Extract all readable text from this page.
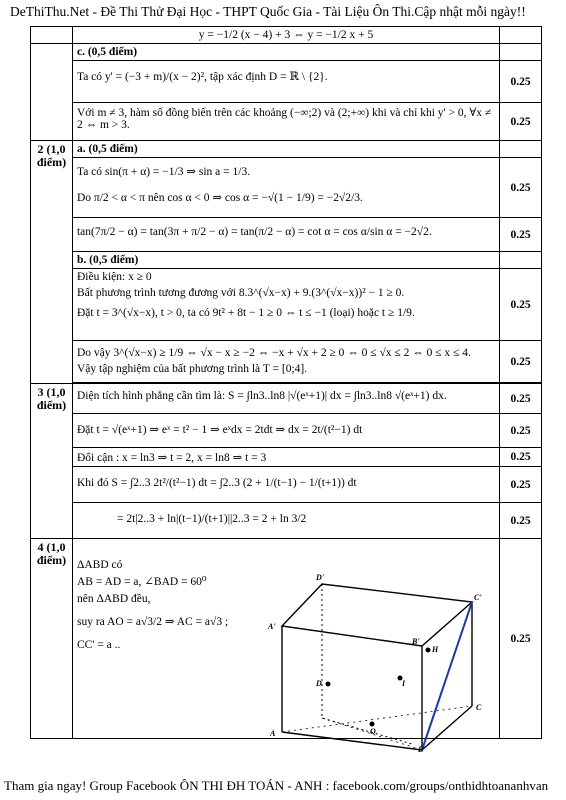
DeThiThu.Net - Đề Thi Thử Đại Học - THPT Quốc Gia - Tài Liệu Ôn Thi.Cập nhật mỗi ngày!!

	y = −1/2 (x − 4) + 3 ⇔ y = −1/2 x + 5	

	c. (0,5 điểm)	

	Ta có y' = (−3 + m)/(x − 2)², tập xác định D = ℝ \ {2}.	0.25

	Với m ≠ 3, hàm số đồng biến trên các khoảng (−∞;2) và (2;+∞) khi và chỉ khi y' > 0, ∀x ≠ 2 ⇔ m > 3.	0.25
2 (1,0 điểm)	a. (0,5 điểm)	

	Ta có sin(π + α) = −1/3 ⇒ sin a = 1/3.
Do π/2 < α < π nên cos α < 0 ⇒ cos α = −√(1 − 1/9) = −2√2/3.	0.25

	tan(7π/2 − α) = tan(3π + π/2 − α) = tan(π/2 − α) = cot α = cos α/sin α = −2√2.	0.25

	b. (0,5 điểm)	

	Điều kiện: x ≥ 0
Bất phương trình tương đương với 8.3^(√x−x) + 9.(3^(√x−x))² − 1 ≥ 0.
Đặt t = 3^(√x−x), t > 0, ta có 9t² + 8t − 1 ≥ 0 ⇔ t ≤ −1 (loại) hoặc t ≥ 1/9.	0.25

	Do vậy 3^(√x−x) ≥ 1/9 ⇔ √x − x ≥ −2 ⇔ −x + √x + 2 ≥ 0 ⇔ 0 ≤ √x ≤ 2 ⇔ 0 ≤ x ≤ 4.
Vậy tập nghiệm của bất phương trình là T = [0;4].	0.25

3 (1,0 điểm)	Diện tích hình phẳng cần tìm là: S = ∫ln3..ln8 |√(eˣ+1)| dx = ∫ln3..ln8 √(eˣ+1) dx.	0.25

	Đặt t = √(eˣ+1) ⇒ eˣ = t² − 1 ⇒ eˣdx = 2tdt ⇒ dx = 2t/(t²−1) dt	0.25

	Đổi cận : x = ln3 ⇒ t = 2, x = ln8 ⇒ t = 3	0.25

	Khi đó S = ∫2..3 2t²/(t²−1) dt = ∫2..3 (2 + 1/(t−1) − 1/(t+1)) dt	0.25

	= 2t|2..3 + ln|(t−1)/(t+1)||2..3 = 2 + ln 3/2	0.25
4 (1,0 điểm)	ΔABD có
AB = AD = a, ∠BAD = 60⁰
nên ΔABD đều,
suy ra AO = a√3/2 ⇒ AC = a√3 ;
CC' = a ..	0.25
D'
C'
A'
B'
H
D	I
O
A
B
C
Tham gia ngay! Group Facebook ÔN THI ĐH TOÁN - ANH : facebook.com/groups/onthidhtoananhvan
